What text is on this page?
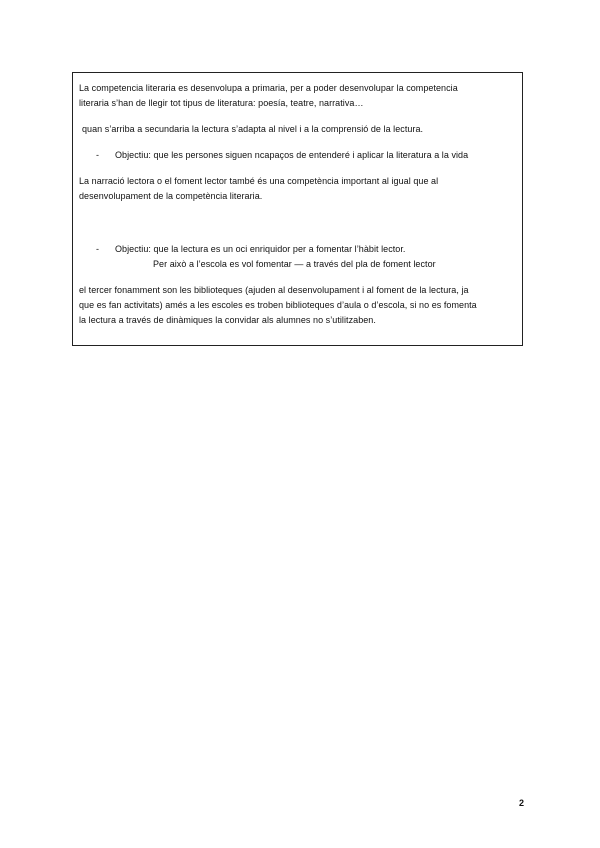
La competencia literaria es desenvolupa a primaria, per a poder desenvolupar la competencia
literaria s’han de llegir tot tipus de literatura: poesía, teatre, narrativa…
quan s’arriba a secundaria la lectura s’adapta al nivel i a la comprensió de la lectura.
-	Objectiu: que les persones siguen ncapaços de entenderé i aplicar la literatura a la vida
La narració lectora o el foment lector també és una competència important al igual que al
desenvolupament de la competència literaria.
-	Objectiu: que la lectura es un oci enriquidor per a fomentar l’hàbit lector.
Per això a l’escola es vol fomentar — a través del pla de foment lector
el tercer fonamment son les biblioteques (ajuden al desenvolupament i al foment de la lectura, ja
que es fan activitats) amés a les escoles es troben biblioteques d’aula o d’escola, si no es fomenta
la lectura a través de dinàmiques la convidar als alumnes no s’utilitzaben.
2
